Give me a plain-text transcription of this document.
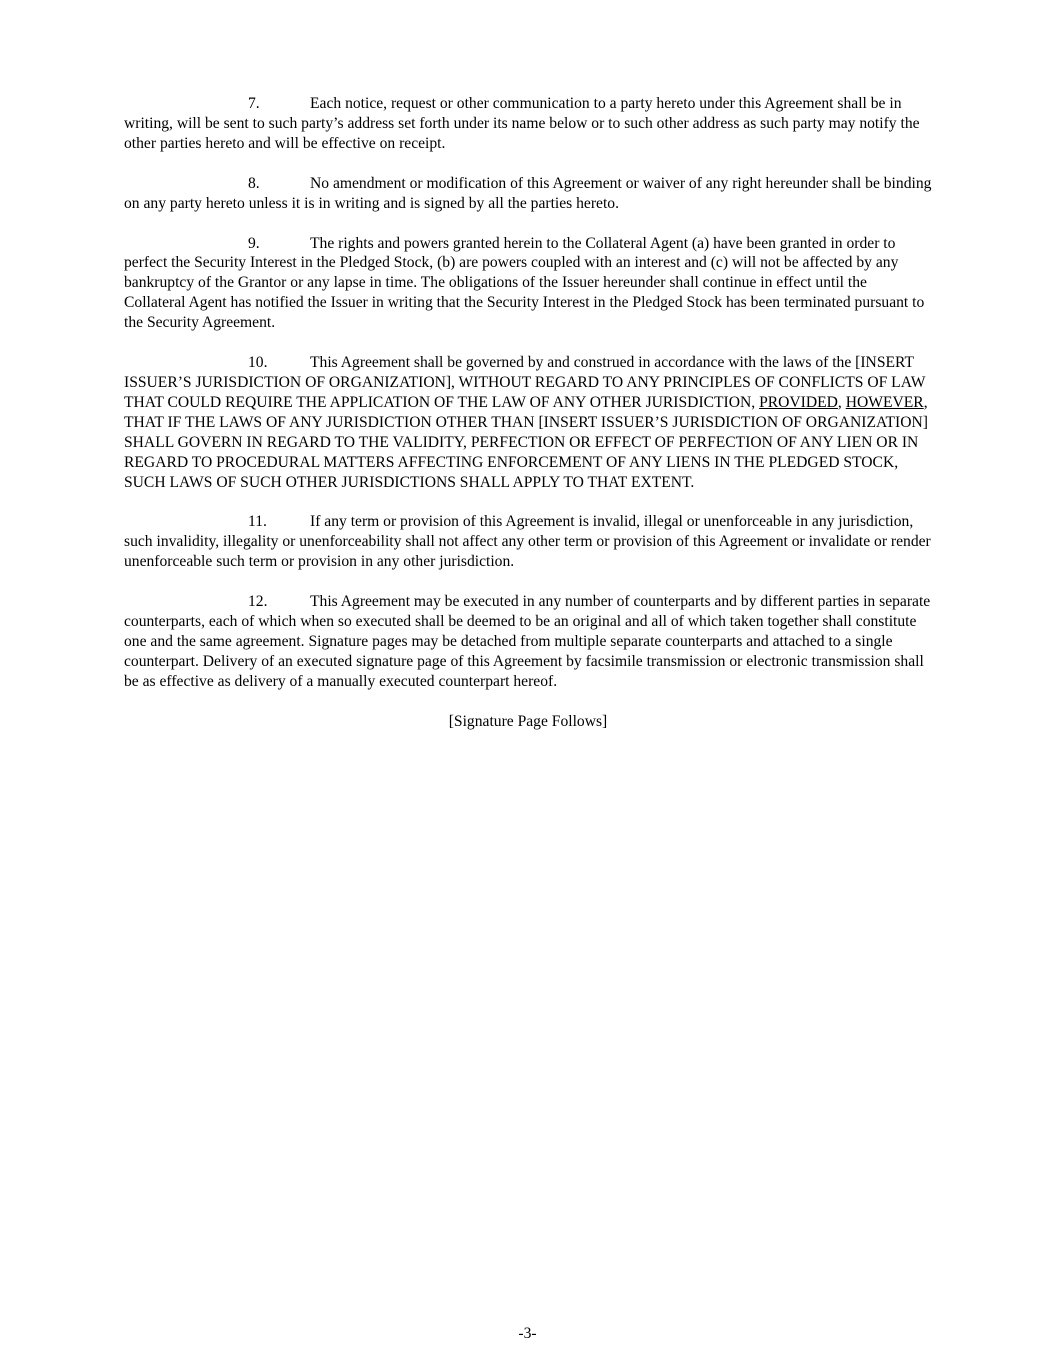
7.	Each notice, request or other communication to a party hereto under this Agreement shall be in writing, will be sent to such party’s address set forth under its name below or to such other address as such party may notify the other parties hereto and will be effective on receipt.

8.	No amendment or modification of this Agreement or waiver of any right hereunder shall be binding on any party hereto unless it is in writing and is signed by all the parties hereto.

9.	The rights and powers granted herein to the Collateral Agent (a) have been granted in order to perfect the Security Interest in the Pledged Stock, (b) are powers coupled with an interest and (c) will not be affected by any bankruptcy of the Grantor or any lapse in time. The obligations of the Issuer hereunder shall continue in effect until the Collateral Agent has notified the Issuer in writing that the Security Interest in the Pledged Stock has been terminated pursuant to the Security Agreement.

10.	This Agreement shall be governed by and construed in accordance with the laws of the [INSERT ISSUER’S JURISDICTION OF ORGANIZATION], WITHOUT REGARD TO ANY PRINCIPLES OF CONFLICTS OF LAW THAT COULD REQUIRE THE APPLICATION OF THE LAW OF ANY OTHER JURISDICTION, PROVIDED, HOWEVER, THAT IF THE LAWS OF ANY JURISDICTION OTHER THAN [INSERT ISSUER’S JURISDICTION OF ORGANIZATION] SHALL GOVERN IN REGARD TO THE VALIDITY, PERFECTION OR EFFECT OF PERFECTION OF ANY LIEN OR IN REGARD TO PROCEDURAL MATTERS AFFECTING ENFORCEMENT OF ANY LIENS IN THE PLEDGED STOCK, SUCH LAWS OF SUCH OTHER JURISDICTIONS SHALL APPLY TO THAT EXTENT.

11.	If any term or provision of this Agreement is invalid, illegal or unenforceable in any jurisdiction, such invalidity, illegality or unenforceability shall not affect any other term or provision of this Agreement or invalidate or render unenforceable such term or provision in any other jurisdiction.

12.	This Agreement may be executed in any number of counterparts and by different parties in separate counterparts, each of which when so executed shall be deemed to be an original and all of which taken together shall constitute one and the same agreement. Signature pages may be detached from multiple separate counterparts and attached to a single counterpart. Delivery of an executed signature page of this Agreement by facsimile transmission or electronic transmission shall be as effective as delivery of a manually executed counterpart hereof.

[Signature Page Follows]

-3-
